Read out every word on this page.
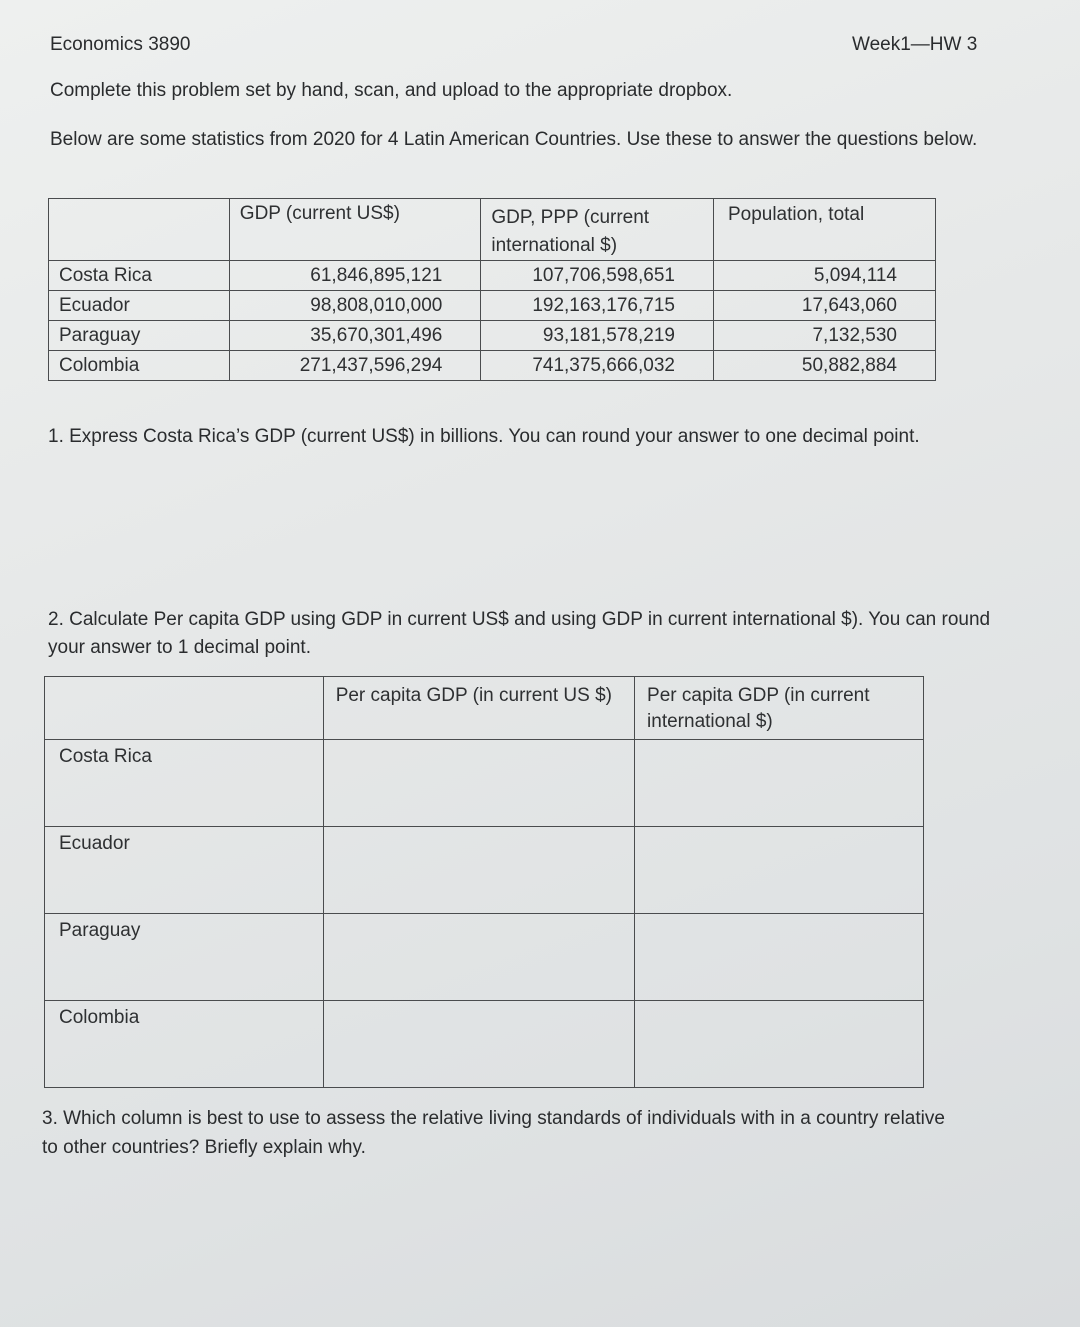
Economics 3890	Week1—HW 3
Complete this problem set by hand, scan, and upload to the appropriate dropbox.
Below are some statistics from 2020 for 4 Latin American Countries. Use these to answer the questions below.
	GDP (current US$)	GDP, PPP (current international $)	Population, total
Costa Rica	61,846,895,121	107,706,598,651	5,094,114
Ecuador	98,808,010,000	192,163,176,715	17,643,060
Paraguay	35,670,301,496	93,181,578,219	7,132,530
Colombia	271,437,596,294	741,375,666,032	50,882,884
1. Express Costa Rica’s GDP (current US$) in billions. You can round your answer to one decimal point.
2. Calculate Per capita GDP using GDP in current US$ and using GDP in current international $). You can round your answer to 1 decimal point.
	Per capita GDP (in current US $)	Per capita GDP (in current international $)
Costa Rica		
Ecuador		
Paraguay		
Colombia		
3. Which column is best to use to assess the relative living standards of individuals with in a country relative to other countries? Briefly explain why.
